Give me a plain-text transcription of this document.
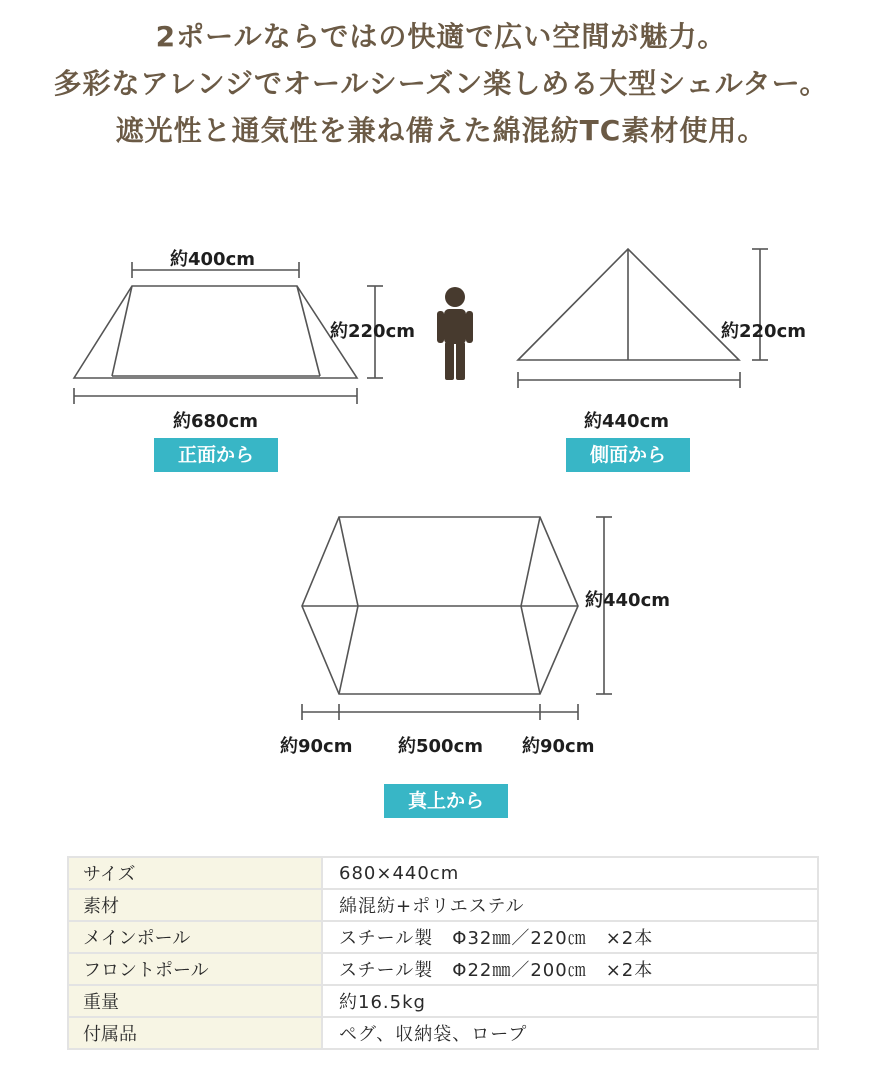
2ポールならではの快適で広い空間が魅力。
多彩なアレンジでオールシーズン楽しめる大型シェルター。
遮光性と通気性を兼ね備えた綿混紡TC素材使用。
約400cm
約220cm
約680cm
正面から
約220cm
約440cm
側面から
約440cm
約90cm	約500cm 約90cm
真上から
サイズ	680×440cm
素材	綿混紡+ポリエステル
メインポール	スチール製　Φ32㎜／220㎝　×2本
フロントポール	スチール製　Φ22㎜／200㎝　×2本
重量	約16.5kg
付属品	ペグ、収納袋、ロープ
